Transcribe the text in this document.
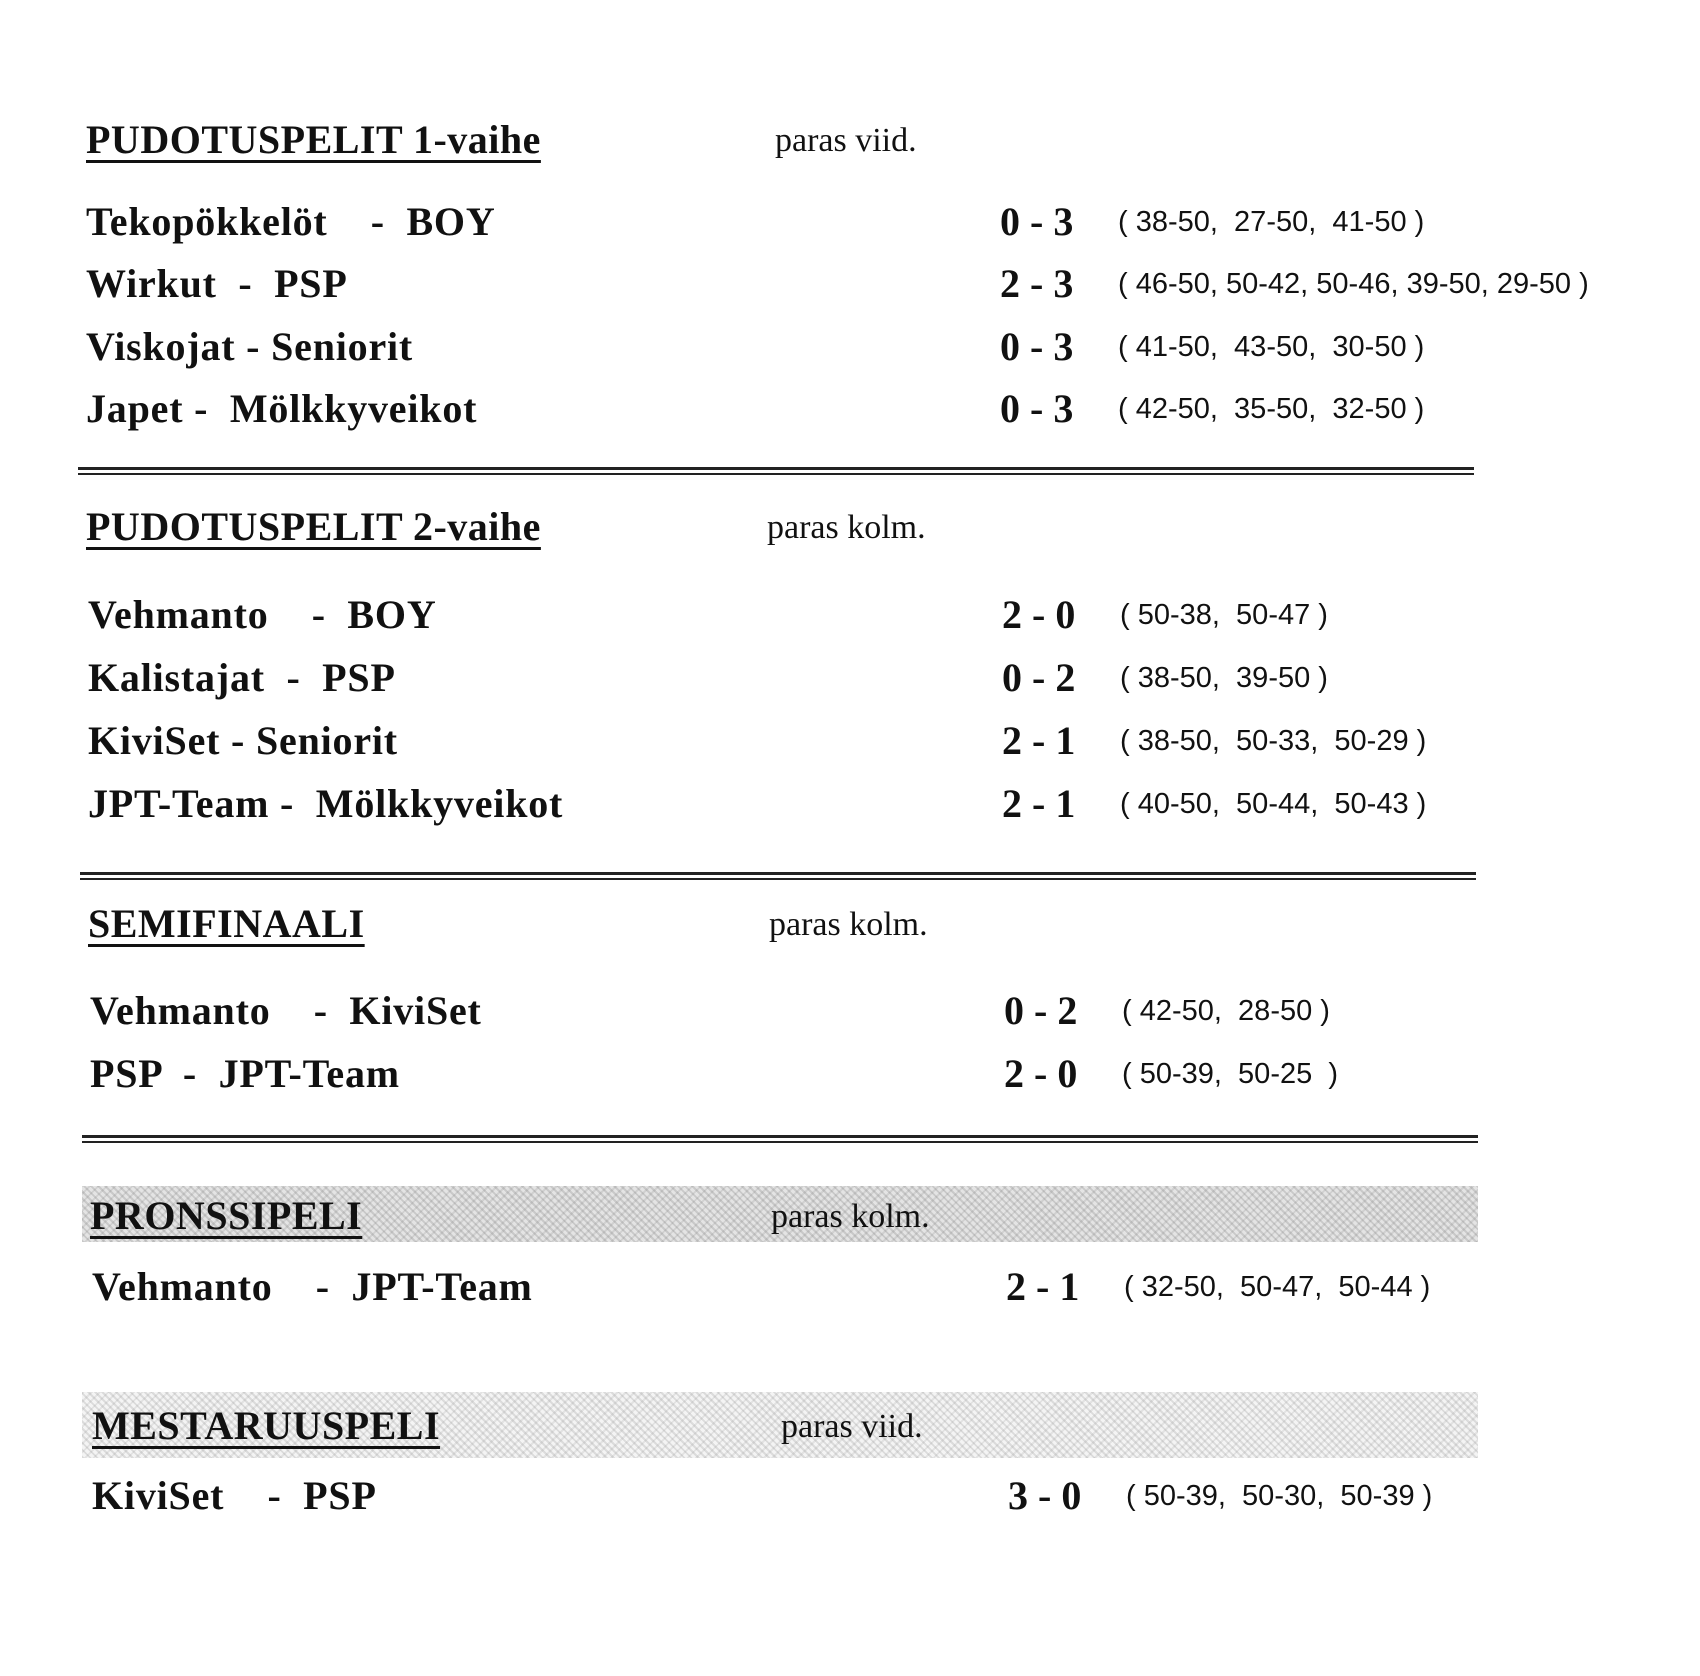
PUDOTUSPELIT 1-vaihe	paras viid.
Tekopökkelöt    -  BOY	0 - 3 ( 38-50,  27-50,  41-50 )
Wirkut  -  PSP	2 - 3 ( 46-50, 50-42, 50-46, 39-50, 29-50 )
Viskojat - Seniorit	0 - 3 ( 41-50,  43-50,  30-50 )
Japet -  Mölkkyveikot	0 - 3 ( 42-50,  35-50,  32-50 )
PUDOTUSPELIT 2-vaihe	paras kolm.
Vehmanto    -  BOY	2 - 0 ( 50-38,  50-47 )
Kalistajat  -  PSP	0 - 2 ( 38-50,  39-50 )
KiviSet - Seniorit	2 - 1 ( 38-50,  50-33,  50-29 )
JPT-Team -  Mölkkyveikot	2 - 1 ( 40-50,  50-44,  50-43 )
SEMIFINAALI	paras kolm.
Vehmanto    -  KiviSet	0 - 2 ( 42-50,  28-50 )
PSP  -  JPT-Team	2 - 0 ( 50-39,  50-25  )
PRONSSIPELI	paras kolm.
Vehmanto    -  JPT-Team	2 - 1 ( 32-50,  50-47,  50-44 )
MESTARUUSPELI	paras viid.
KiviSet    -  PSP	3 - 0 ( 50-39,  50-30,  50-39 )
